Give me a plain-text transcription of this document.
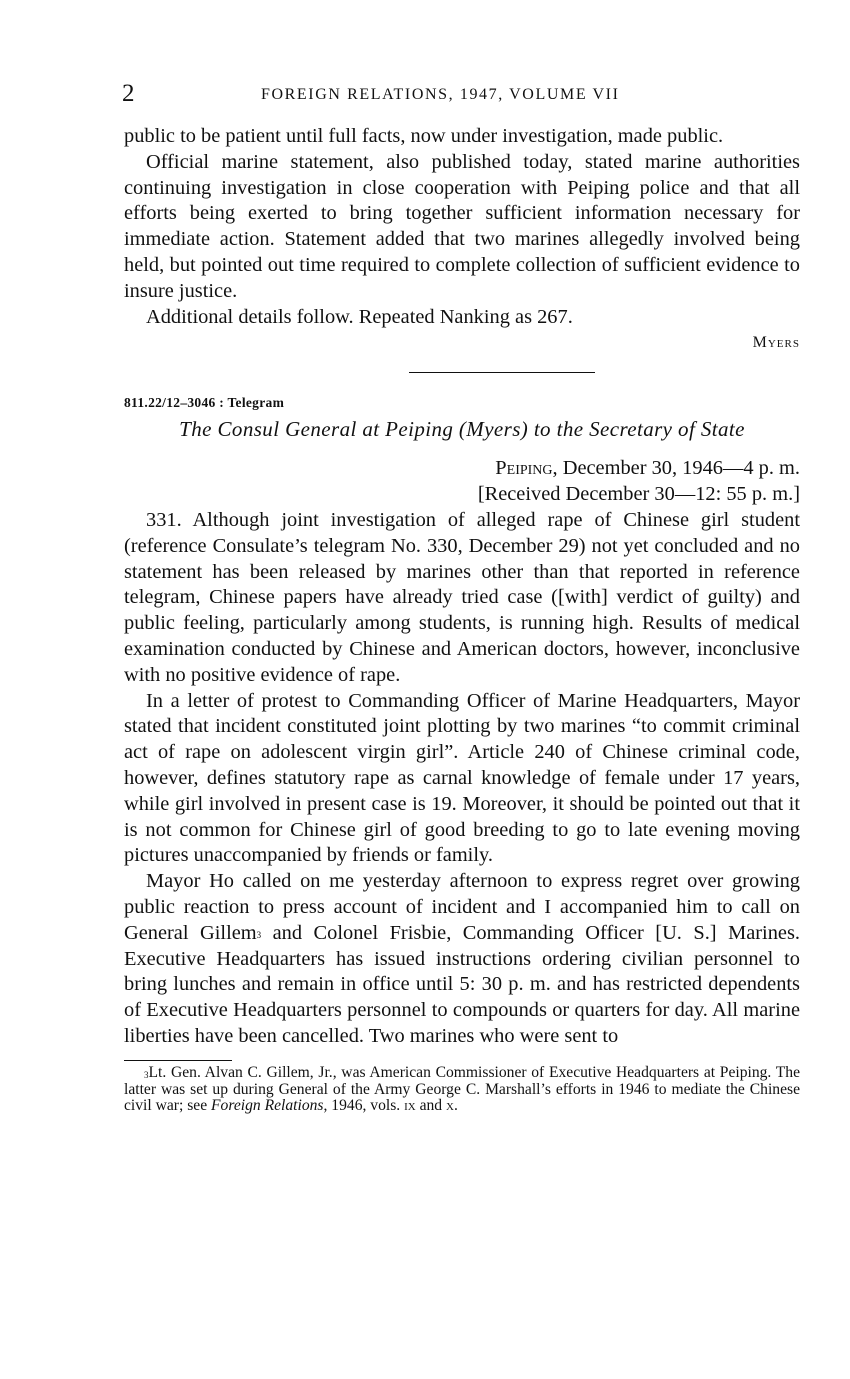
2	FOREIGN RELATIONS, 1947, VOLUME VII

public to be patient until full facts, now under investigation, made public.

Official marine statement, also published today, stated marine authorities continuing investigation in close cooperation with Peiping police and that all efforts being exerted to bring together sufficient information necessary for immediate action. Statement added that two marines allegedly involved being held, but pointed out time required to complete collection of sufficient evidence to insure justice.

Additional details follow. Repeated Nanking as 267.

Myers
811.22/12–3046 : Telegram
The Consul General at Peiping (Myers) to the Secretary of State
Peiping, December 30, 1946—4 p. m.
[Received December 30—12: 55 p. m.]

331. Although joint investigation of alleged rape of Chinese girl student (reference Consulate’s telegram No. 330, December 29) not yet concluded and no statement has been released by marines other than that reported in reference telegram, Chinese papers have already tried case ([with] verdict of guilty) and public feeling, particularly among students, is running high. Results of medical examination conducted by Chinese and American doctors, however, inconclusive with no positive evidence of rape.

In a letter of protest to Commanding Officer of Marine Headquarters, Mayor stated that incident constituted joint plotting by two marines “to commit criminal act of rape on adolescent virgin girl”. Article 240 of Chinese criminal code, however, defines statutory rape as carnal knowledge of female under 17 years, while girl involved in present case is 19. Moreover, it should be pointed out that it is not common for Chinese girl of good breeding to go to late evening moving pictures unaccompanied by friends or family.

Mayor Ho called on me yesterday afternoon to express regret over growing public reaction to press account of incident and I accompanied him to call on General Gillem$^3$ and Colonel Frisbie, Commanding Officer [U. S.] Marines. Executive Headquarters has issued instructions ordering civilian personnel to bring lunches and remain in office until 5: 30 p. m. and has restricted dependents of Executive Headquarters personnel to compounds or quarters for day. All marine liberties have been cancelled. Two marines who were sent to

$^3$Lt. Gen. Alvan C. Gillem, Jr., was American Commissioner of Executive Headquarters at Peiping. The latter was set up during General of the Army George C. Marshall’s efforts in 1946 to mediate the Chinese civil war; see Foreign Relations, 1946, vols. ix and x.
